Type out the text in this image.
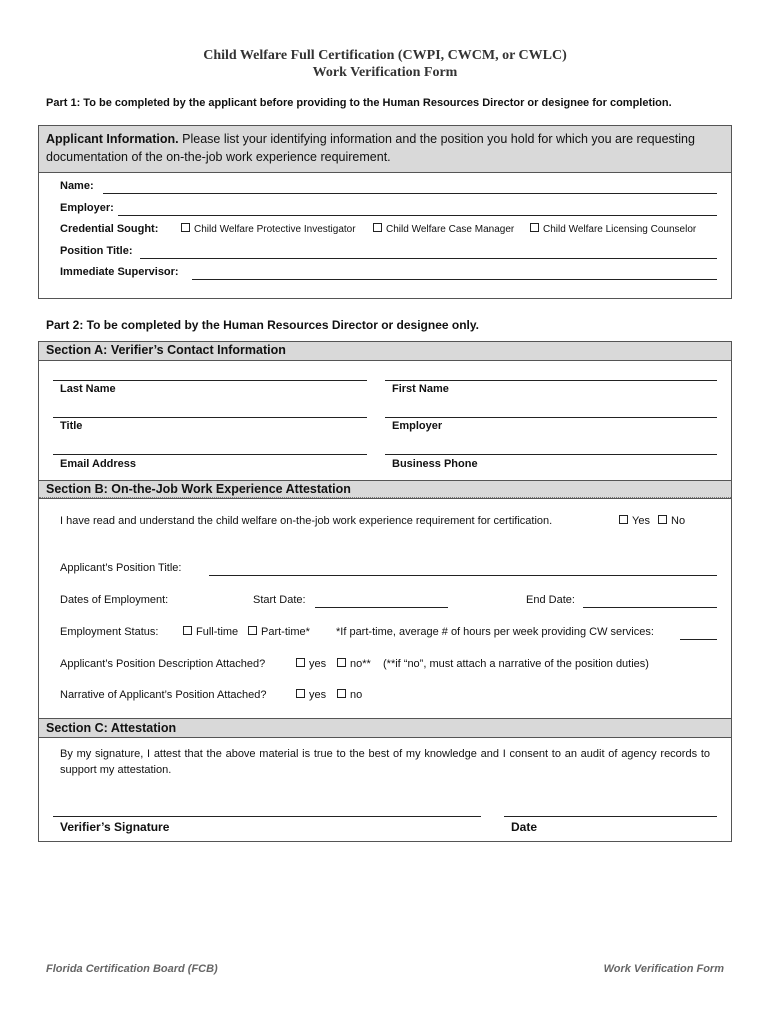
Child Welfare Full Certification (CWPI, CWCM, or CWLC)
Work Verification Form
Part 1: To be completed by the applicant before providing to the Human Resources Director or designee for completion.
Applicant Information. Please list your identifying information and the position you hold for which you are requesting documentation of the on-the-job work experience requirement.
Name:
Employer:
Credential Sought:	Child Welfare Protective Investigator	Child Welfare Case Manager	Child Welfare Licensing Counselor
Position Title:
Immediate Supervisor:
Part 2: To be completed by the Human Resources Director or designee only.
Section A: Verifier’s Contact Information
Last Name	First Name
Title	Employer
Email Address	Business Phone
Section B: On-the-Job Work Experience Attestation
I have read and understand the child welfare on-the-job work experience requirement for certification.	Yes	No
Applicant’s Position Title:
Dates of Employment:	Start Date:	End Date:
Employment Status:	Full-time	Part-time* *If part-time, average # of hours per week providing CW services:
Applicant’s Position Description Attached?	yes	no** (**if “no”, must attach a narrative of the position duties)
Narrative of Applicant’s Position Attached?	yes	no
Section C: Attestation
By my signature, I attest that the above material is true to the best of my knowledge and I consent to an audit of agency records to support my attestation.
Verifier’s Signature	Date
Florida Certification Board (FCB)	Work Verification Form
